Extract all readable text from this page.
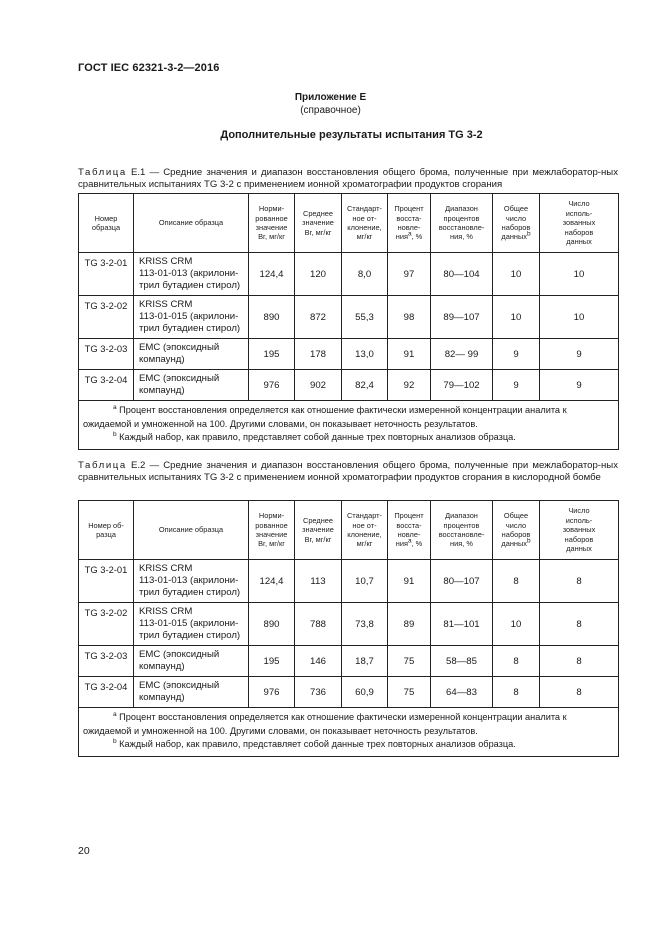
ГОСТ IEC 62321-3-2—2016
Приложение Е
(справочное)
Дополнительные результаты испытания TG 3-2
Таблица Е.1 — Средние значения и диапазон восстановления общего брома, полученные при межлаборатор-ных сравнительных испытаниях TG 3-2 с применением ионной хроматографии продуктов сгорания
Номер
образца	Описание образца	Норми-
рованное
значение
Br, мг/кг	Среднее
значение
Br, мг/кг	Стандарт-
ное от-
клонение,
мг/кг	Процент
восста-
новле-
ния$^a$, %	Диапазон
процентов
восстановле-
ния, %	Общее
число
наборов
данных$^b$	Число
исполь-
зованных
наборов
данных

TG 3-2-01	KRISS CRM
113-01-013 (акрилони-
трил бутадиен стирол)	124,4	120	8,0	97	80—104	10	10
TG 3-2-02	KRISS CRM
113-01-015 (акрилони-
трил бутадиен стирол)	890	872	55,3	98	89—107	10	10
TG 3-2-03	EMC (эпоксидный
компаунд)	195	178	13,0	91	82— 99	9	9
TG 3-2-04	EMC (эпоксидный
компаунд)	976	902	82,4	92	79—102	9	9

$^a$ Процент восстановления определяется как отношение фактически измеренной концентрации аналита к ожидаемой и умноженной на 100. Другими словами, он показывает неточность результатов.
$^b$ Каждый набор, как правило, представляет собой данные трех повторных анализов образца.								
Таблица Е.2 — Средние значения и диапазон восстановления общего брома, полученные при межлаборатор-ных сравнительных испытаниях TG 3-2 с применением ионной хроматографии продуктов сгорания в кислородной бомбе
Номер об-
разца	Описание образца	Норми-
рованное
значение
Br, мг/кг	Среднее
значение
Br, мг/кг	Стандарт-
ное от-
клонение,
мг/кг	Процент
восста-
новле-
ния$^a$, %	Диапазон
процентов
восстановле-
ния, %	Общее
число
наборов
данных$^b$	Число
исполь-
зованных
наборов
данных

TG 3-2-01	KRISS CRM
113-01-013 (акрилони-
трил бутадиен стирол)	124,4	113	10,7	91	80—107	8	8
TG 3-2-02	KRISS CRM
113-01-015 (акрилони-
трил бутадиен стирол)	890	788	73,8	89	81—101	10	8
TG 3-2-03	EMC (эпоксидный
компаунд)	195	146	18,7	75	58—85	8	8
TG 3-2-04	EMC (эпоксидный
компаунд)	976	736	60,9	75	64—83	8	8

$^a$ Процент восстановления определяется как отношение фактически измеренной концентрации аналита к ожидаемой и умноженной на 100. Другими словами, он показывает неточность результатов.
$^b$ Каждый набор, как правило, представляет собой данные трех повторных анализов образца.								
20
